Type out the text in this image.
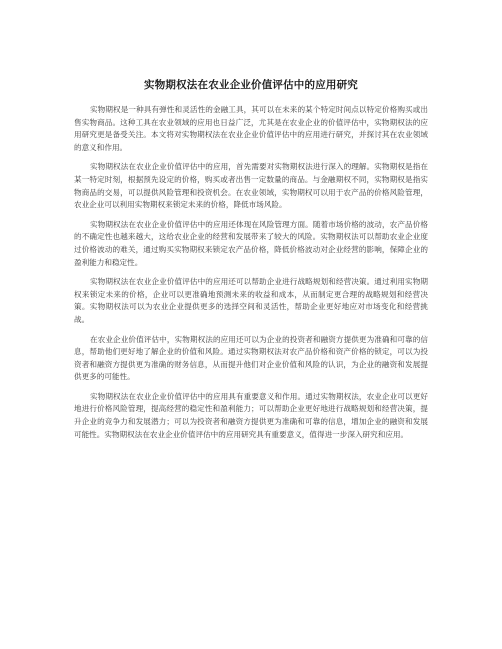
实物期权法在农业企业价值评估中的应用研究

实物期权是一种具有弹性和灵活性的金融工具，其可以在未来的某个特定时间点以特定价格购买或出售实物商品。这种工具在农业领域的应用也日益广泛，尤其是在农业企业的价值评估中，实物期权法的应用研究更是备受关注。本文将对实物期权法在农业企业价值评估中的应用进行研究，并探讨其在农业领域的意义和作用。

实物期权法在农业企业价值评估中的应用，首先需要对实物期权法进行深入的理解。实物期权是指在某一特定时刻，根据预先设定的价格，购买或者出售一定数量的商品。与金融期权不同，实物期权是指实物商品的交易，可以提供风险管理和投资机会。在农业领域，实物期权可以用于农产品的价格风险管理，农业企业可以利用实物期权来锁定未来的价格，降低市场风险。

实物期权法在农业企业价值评估中的应用还体现在风险管理方面。随着市场价格的波动，农产品价格的不确定性也越来越大，这给农业企业的经营和发展带来了较大的风险。实物期权法可以帮助农业企业度过价格波动的难关，通过购买实物期权来锁定农产品价格，降低价格波动对企业经营的影响，保障企业的盈利能力和稳定性。

实物期权法在农业企业价值评估中的应用还可以帮助企业进行战略规划和经营决策。通过利用实物期权来锁定未来的价格，企业可以更准确地预测未来的收益和成本，从而制定更合理的战略规划和经营决策。实物期权法可以为农业企业提供更多的选择空间和灵活性，帮助企业更好地应对市场变化和经营挑战。

在农业企业价值评估中，实物期权法的应用还可以为企业的投资者和融资方提供更为准确和可靠的信息，帮助他们更好地了解企业的价值和风险。通过实物期权法对农产品价格和资产价格的锁定，可以为投资者和融资方提供更为准确的财务信息，从而提升他们对企业价值和风险的认识，为企业的融资和发展提供更多的可能性。

实物期权法在农业企业价值评估中的应用具有重要意义和作用。通过实物期权法，农业企业可以更好地进行价格风险管理，提高经营的稳定性和盈利能力；可以帮助企业更好地进行战略规划和经营决策，提升企业的竞争力和发展潜力；可以为投资者和融资方提供更为准确和可靠的信息，增加企业的融资和发展可能性。实物期权法在农业企业价值评估中的应用研究具有重要意义，值得进一步深入研究和应用。
